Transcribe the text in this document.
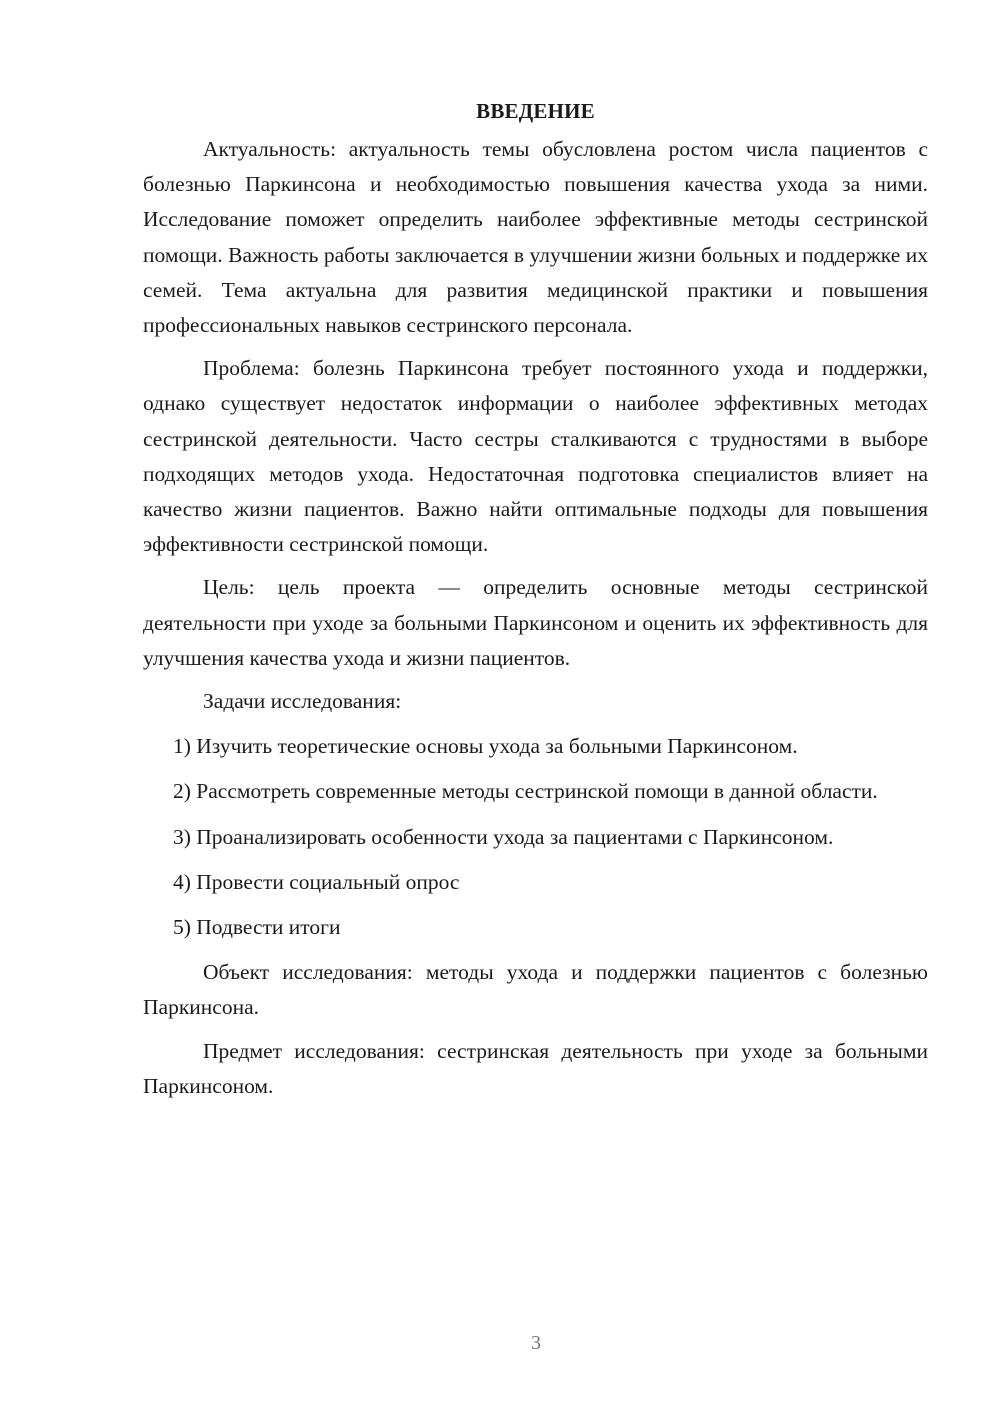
ВВЕДЕНИЕ

Актуальность: актуальность темы обусловлена ростом числа пациентов с болезнью Паркинсона и необходимостью повышения качества ухода за ними. Исследование поможет определить наиболее эффективные методы сестринской помощи. Важность работы заключается в улучшении жизни больных и поддержке их семей. Тема актуальна для развития медицинской практики и повышения профессиональных навыков сестринского персонала.

Проблема: болезнь Паркинсона требует постоянного ухода и поддержки, однако существует недостаток информации о наиболее эффективных методах сестринской деятельности. Часто сестры сталкиваются с трудностями в выборе подходящих методов ухода. Недостаточная подготовка специалистов влияет на качество жизни пациентов. Важно найти оптимальные подходы для повышения эффективности сестринской помощи.

Цель: цель проекта — определить основные методы сестринской деятельности при уходе за больными Паркинсоном и оценить их эффективность для улучшения качества ухода и жизни пациентов.

Задачи исследования:

1) Изучить теоретические основы ухода за больными Паркинсоном.

2) Рассмотреть современные методы сестринской помощи в данной области.

3) Проанализировать особенности ухода за пациентами с Паркинсоном.

4) Провести социальный опрос

5) Подвести итоги

Объект исследования: методы ухода и поддержки пациентов с болезнью Паркинсона.

Предмет исследования: сестринская деятельность при уходе за больными Паркинсоном.

3
